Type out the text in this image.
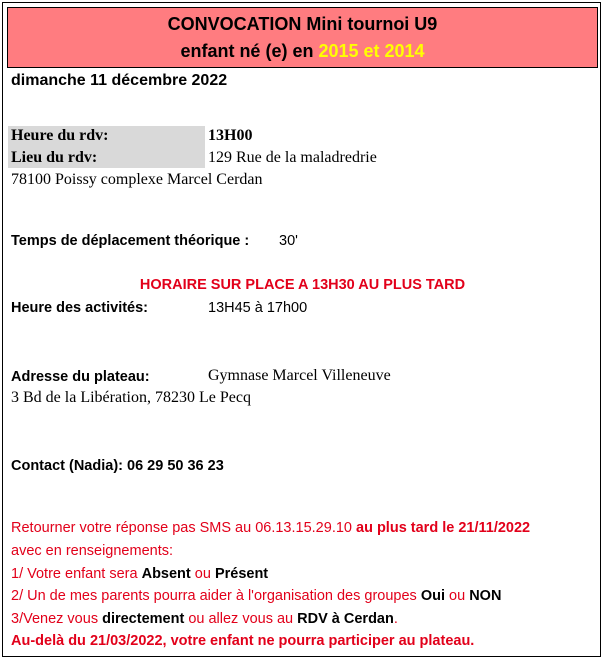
CONVOCATION Mini tournoi U9
enfant né (e) en 2015 et 2014
dimanche 11 décembre 2022
Heure du rdv:	13H00
Lieu du rdv:	129 Rue de la maladredrie
78100 Poissy complexe Marcel Cerdan
Temps de déplacement théorique : 30'
HORAIRE SUR PLACE A 13H30 AU PLUS TARD
Heure des activités:	13H45 à 17h00
Adresse du plateau:	Gymnase Marcel Villeneuve
3 Bd de la Libération, 78230 Le Pecq
Contact (Nadia): 06 29 50 36 23
Retourner votre réponse pas SMS au 06.13.15.29.10 au plus tard le 21/11/2022
avec en renseignements:
1/ Votre enfant sera Absent ou Présent
2/ Un de mes parents pourra aider à l'organisation des groupes Oui ou NON
3/Venez vous directement ou allez vous au RDV à Cerdan.
Au-delà du 21/03/2022, votre enfant ne pourra participer au plateau.
